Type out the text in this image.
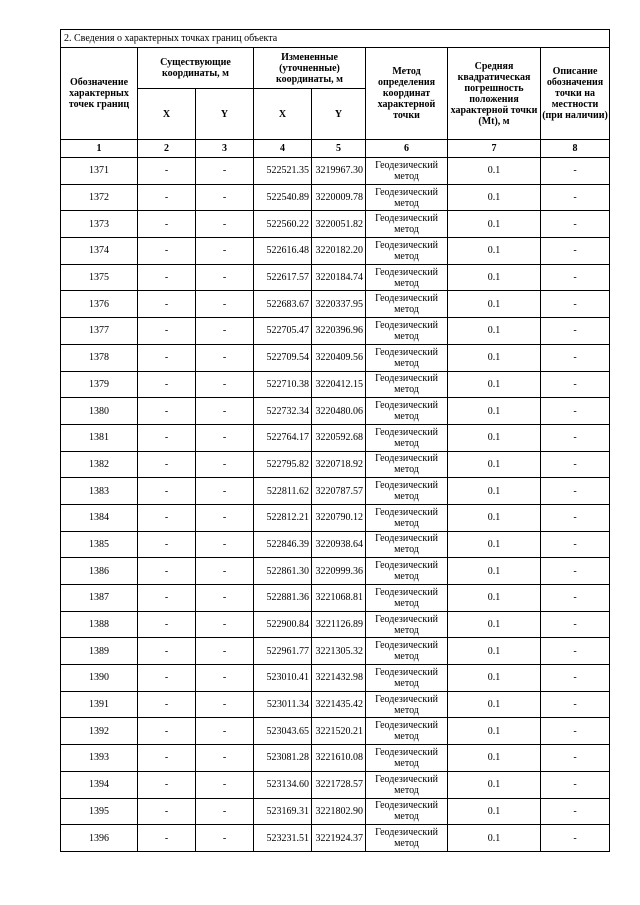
2. Сведения о характерных точках границ объекта							
Обозначение характерных точек границ	Существующие координаты, м		Измененные (уточненные) координаты, м		Метод определения координат характерной точки	Средняя квадратическая погрешность положения характерной точки (Мt), м	Описание обозначения точки на местности (при наличии)
	X	Y	X	Y			
1	2	3	4	5	6	7	8
1371	-	-	522521.35	3219967.30	Геодезический метод	0.1	-
1372	-	-	522540.89	3220009.78	Геодезический метод	0.1	-
1373	-	-	522560.22	3220051.82	Геодезический метод	0.1	-
1374	-	-	522616.48	3220182.20	Геодезический метод	0.1	-
1375	-	-	522617.57	3220184.74	Геодезический метод	0.1	-
1376	-	-	522683.67	3220337.95	Геодезический метод	0.1	-
1377	-	-	522705.47	3220396.96	Геодезический метод	0.1	-
1378	-	-	522709.54	3220409.56	Геодезический метод	0.1	-
1379	-	-	522710.38	3220412.15	Геодезический метод	0.1	-
1380	-	-	522732.34	3220480.06	Геодезический метод	0.1	-
1381	-	-	522764.17	3220592.68	Геодезический метод	0.1	-
1382	-	-	522795.82	3220718.92	Геодезический метод	0.1	-
1383	-	-	522811.62	3220787.57	Геодезический метод	0.1	-
1384	-	-	522812.21	3220790.12	Геодезический метод	0.1	-
1385	-	-	522846.39	3220938.64	Геодезический метод	0.1	-
1386	-	-	522861.30	3220999.36	Геодезический метод	0.1	-
1387	-	-	522881.36	3221068.81	Геодезический метод	0.1	-
1388	-	-	522900.84	3221126.89	Геодезический метод	0.1	-
1389	-	-	522961.77	3221305.32	Геодезический метод	0.1	-
1390	-	-	523010.41	3221432.98	Геодезический метод	0.1	-
1391	-	-	523011.34	3221435.42	Геодезический метод	0.1	-
1392	-	-	523043.65	3221520.21	Геодезический метод	0.1	-
1393	-	-	523081.28	3221610.08	Геодезический метод	0.1	-
1394	-	-	523134.60	3221728.57	Геодезический метод	0.1	-
1395	-	-	523169.31	3221802.90	Геодезический метод	0.1	-
1396	-	-	523231.51	3221924.37	Геодезический метод	0.1	-
